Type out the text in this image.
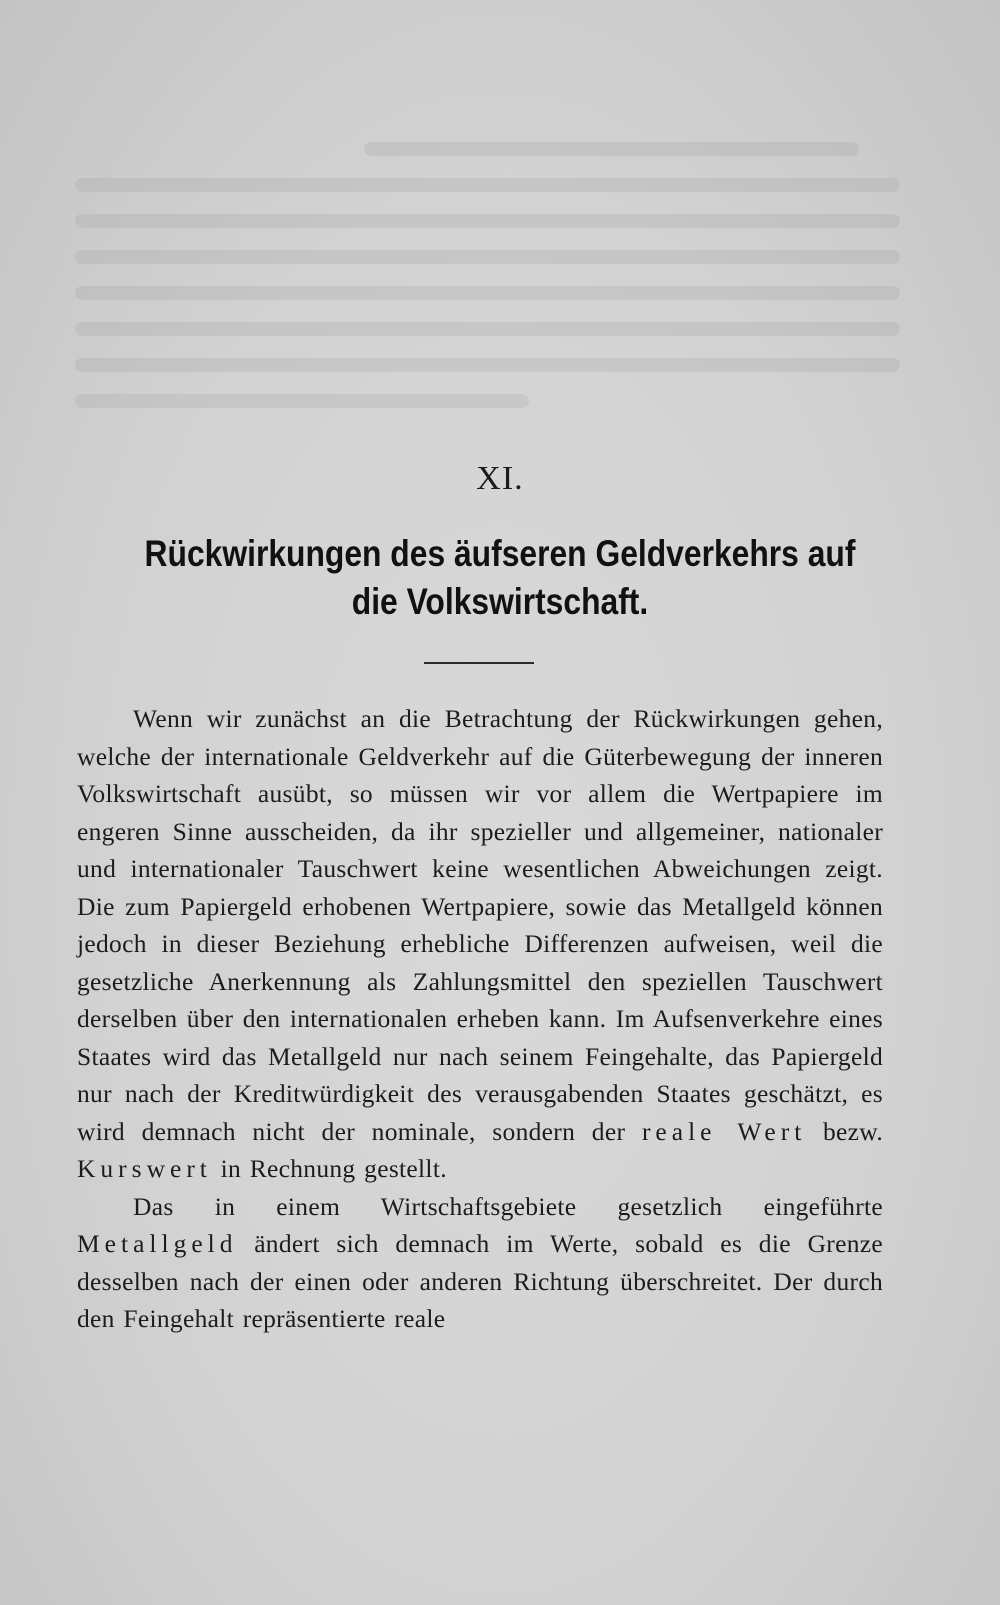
XI.
Rückwirkungen des äufseren Geldverkehrs auf
die Volkswirtschaft.

Wenn wir zunächst an die Betrachtung der Rückwirkungen gehen, welche der internationale Geldverkehr auf die Güterbewegung der inneren Volkswirtschaft ausübt, so müssen wir vor allem die Wertpapiere im engeren Sinne ausscheiden, da ihr spezieller und allgemeiner, nationaler und internationaler Tauschwert keine wesentlichen Abweichungen zeigt. Die zum Papiergeld erhobenen Wertpapiere, sowie das Metallgeld können jedoch in dieser Beziehung erhebliche Differenzen aufweisen, weil die gesetzliche Anerkennung als Zahlungsmittel den speziellen Tauschwert derselben über den internationalen erheben kann. Im Aufsenverkehre eines Staates wird das Metallgeld nur nach seinem Feingehalte, das Papiergeld nur nach der Kreditwürdigkeit des verausgabenden Staates geschätzt, es wird demnach nicht der nominale, sondern der reale Wert bezw. Kurswert in Rechnung gestellt.

Das in einem Wirtschaftsgebiete gesetzlich eingeführte Metallgeld ändert sich demnach im Werte, sobald es die Grenze desselben nach der einen oder anderen Richtung überschreitet. Der durch den Feingehalt repräsentierte reale
